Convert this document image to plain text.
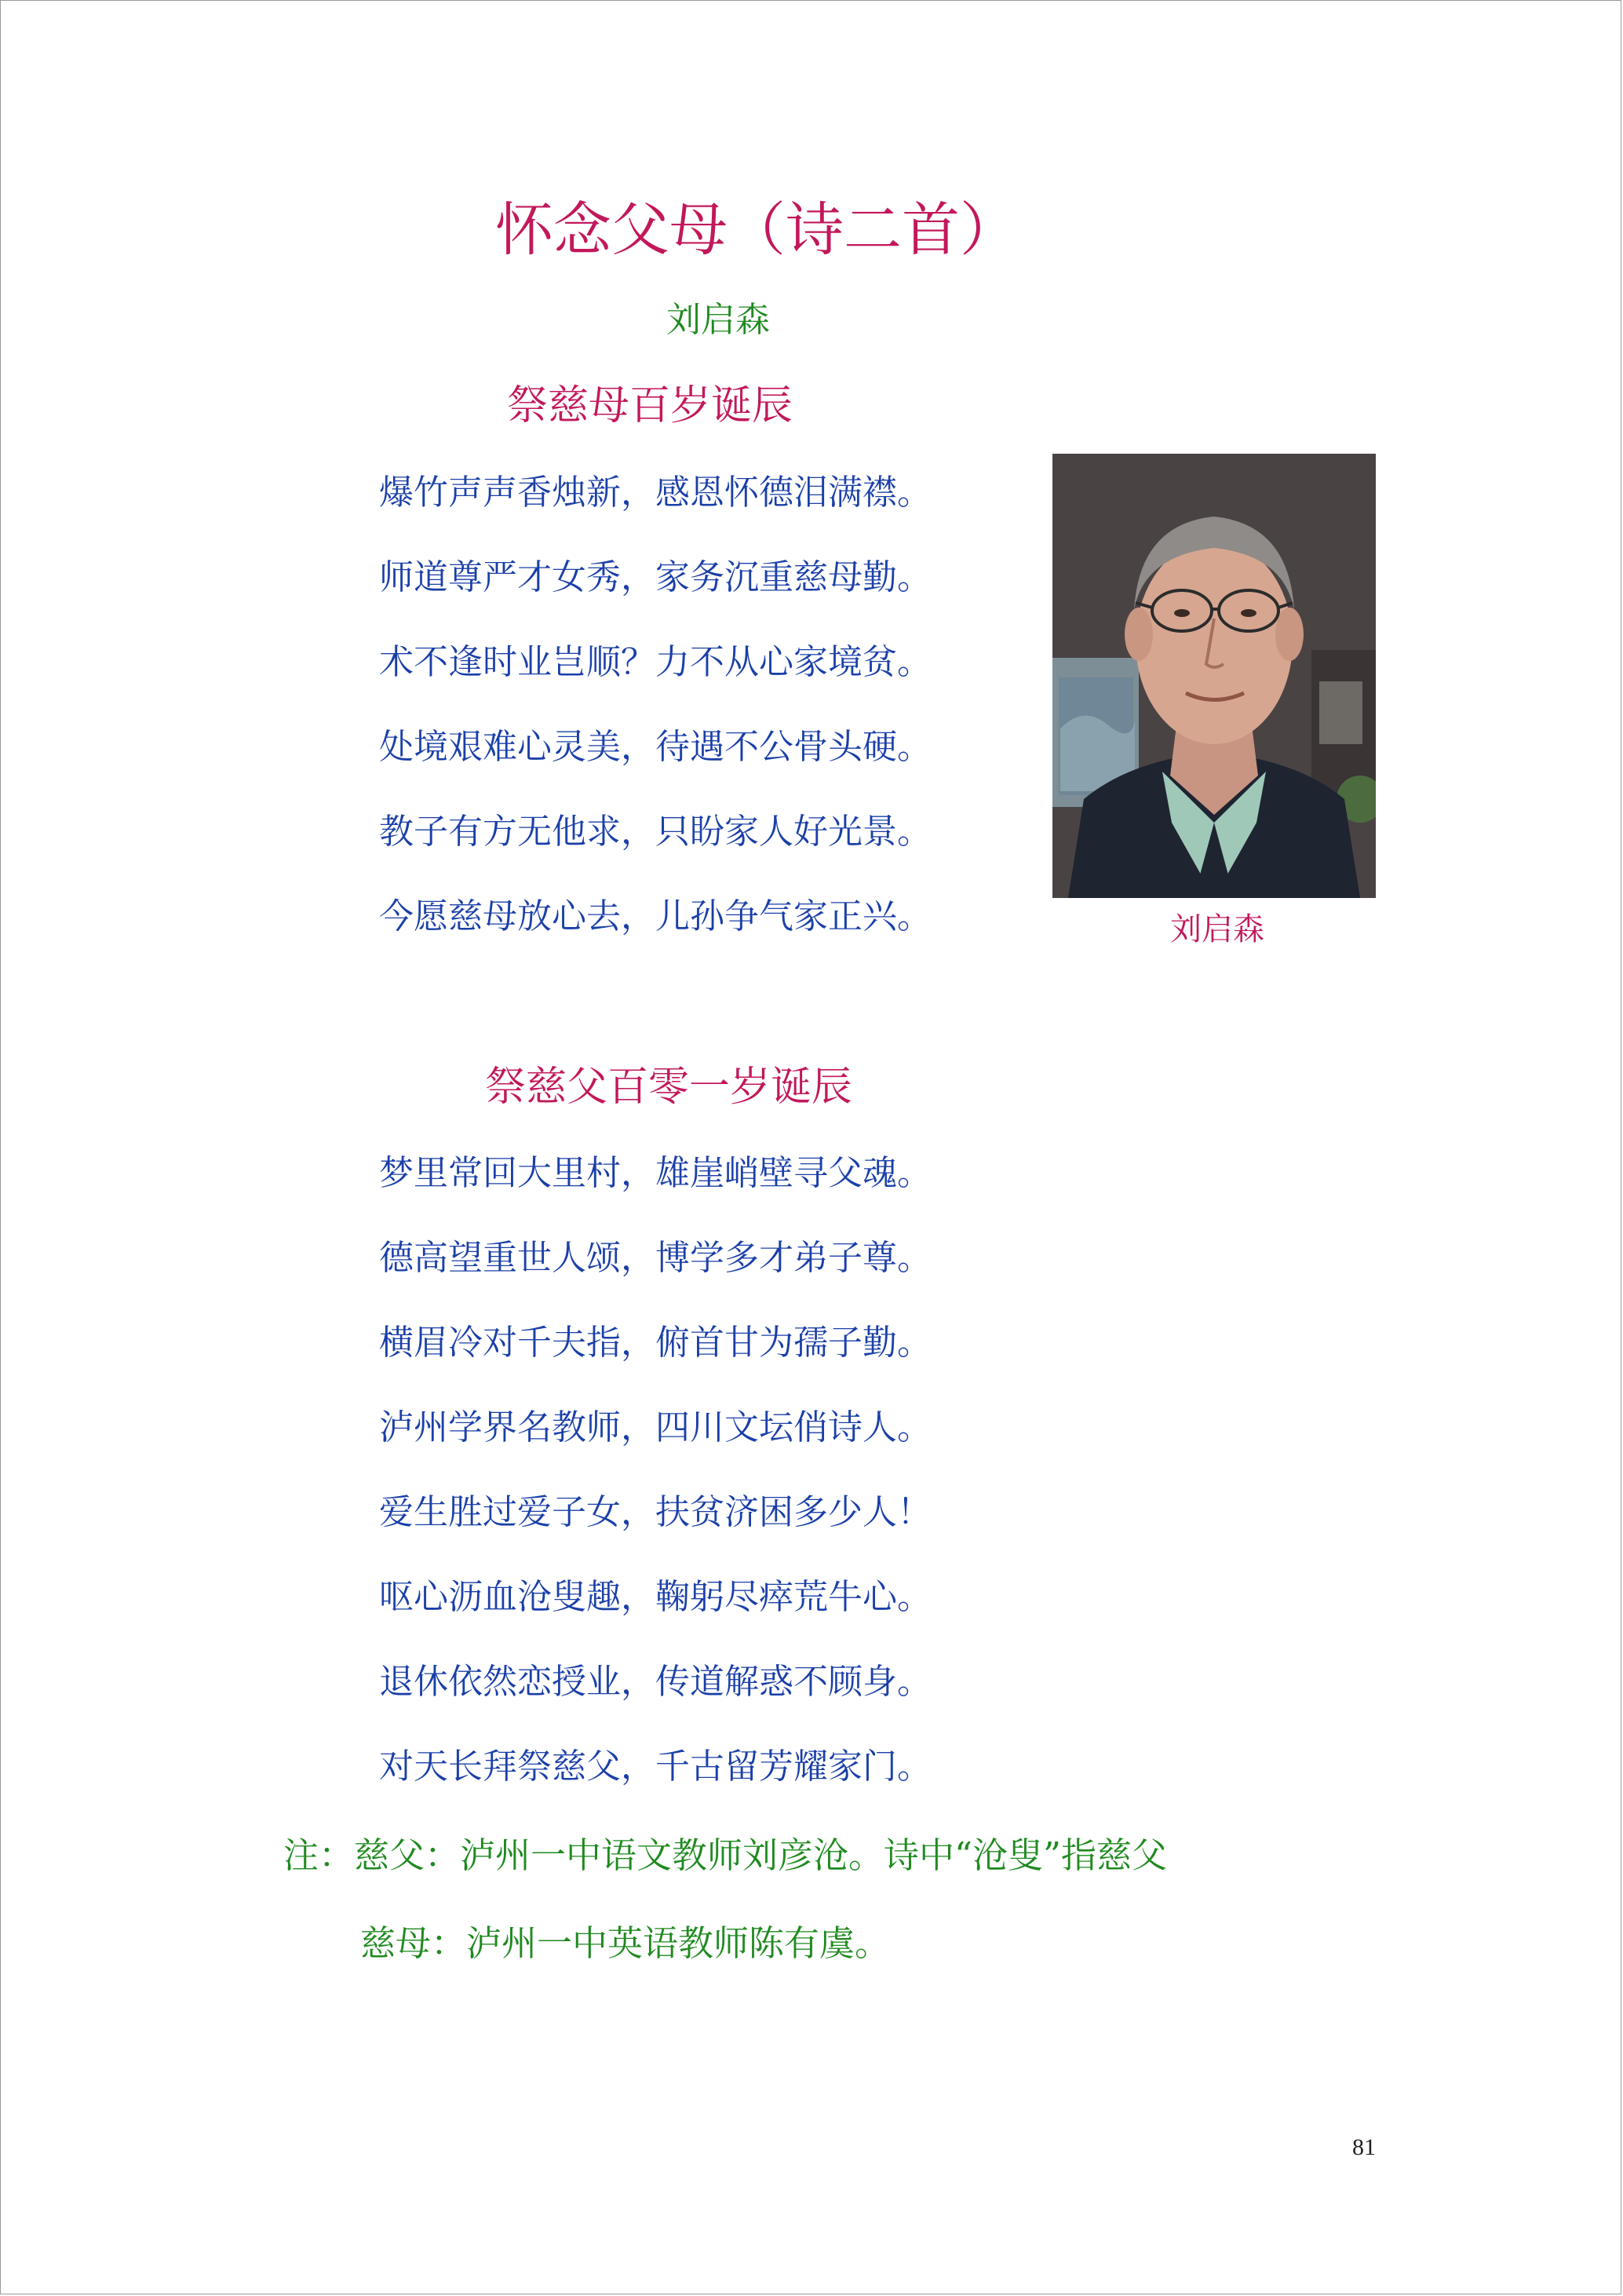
怀念父母（诗二首）
刘启森
祭慈母百岁诞辰
爆竹声声香烛新，感恩怀德泪满襟。
师道尊严才女秀，家务沉重慈母勤。
术不逢时业岂顺？力不从心家境贫。
处境艰难心灵美，待遇不公骨头硬。
教子有方无他求，只盼家人好光景。
今愿慈母放心去，儿孙争气家正兴。	刘启森
祭慈父百零一岁诞辰
梦里常回大里村，雄崖峭壁寻父魂。
德高望重世人颂，博学多才弟子尊。
横眉冷对千夫指，俯首甘为孺子勤。
泸州学界名教师，四川文坛俏诗人。
爱生胜过爱子女，扶贫济困多少人！
呕心沥血沧叟趣，鞠躬尽瘁荒牛心。
退休依然恋授业，传道解惑不顾身。
对天长拜祭慈父，千古留芳耀家门。
注：慈父：泸州一中语文教师刘彦沧。诗中“沧叟”指慈父
慈母：泸州一中英语教师陈有虞。
81
